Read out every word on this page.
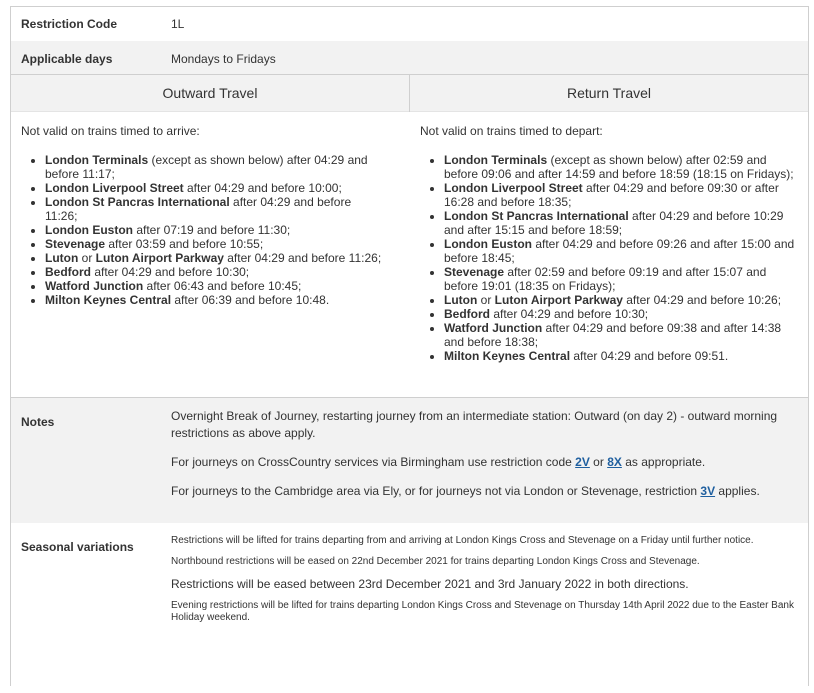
Restriction Code	1L
Applicable days	Mondays to Fridays
Outward Travel	Return Travel

Not valid on trains timed to arrive:

• London Terminals (except as shown below) after 04:29 and before 11:17;
• London Liverpool Street after 04:29 and before 10:00;
• London St Pancras International after 04:29 and before 11:26;
• London Euston after 07:19 and before 11:30;
• Stevenage after 03:59 and before 10:55;
• Luton or Luton Airport Parkway after 04:29 and before 11:26;
• Bedford after 04:29 and before 10:30;
• Watford Junction after 06:43 and before 10:45;
• Milton Keynes Central after 06:39 and before 10:48.

Not valid on trains timed to depart:

• London Terminals (except as shown below) after 02:59 and before 09:06 and after 14:59 and before 18:59 (18:15 on Fridays);
• London Liverpool Street after 04:29 and before 09:30 or after 16:28 and before 18:35;
• London St Pancras International after 04:29 and before 10:29 and after 15:15 and before 18:59;
• London Euston after 04:29 and before 09:26 and after 15:00 and before 18:45;
• Stevenage after 02:59 and before 09:19 and after 15:07 and before 19:01 (18:35 on Fridays);
• Luton or Luton Airport Parkway after 04:29 and before 10:26;
• Bedford after 04:29 and before 10:30;
• Watford Junction after 04:29 and before 09:38 and after 14:38 and before 18:38;
• Milton Keynes Central after 04:29 and before 09:51.
Notes	Overnight Break of Journey, restarting journey from an intermediate station: Outward (on day 2) - outward morning restrictions as above apply.

For journeys on CrossCountry services via Birmingham use restriction code 2V or 8X as appropriate.

For journeys to the Cambridge area via Ely, or for journeys not via London or Stevenage, restriction 3V applies.

Seasonal variations	Restrictions will be lifted for trains departing from and arriving at London Kings Cross and Stevenage on a Friday until further notice.

Northbound restrictions will be eased on 22nd December 2021 for trains departing London Kings Cross and Stevenage.

Restrictions will be eased between 23rd December 2021 and 3rd January 2022 in both directions.

Evening restrictions will be lifted for trains departing London Kings Cross and Stevenage on Thursday 14th April 2022 due to the Easter Bank Holiday weekend.
